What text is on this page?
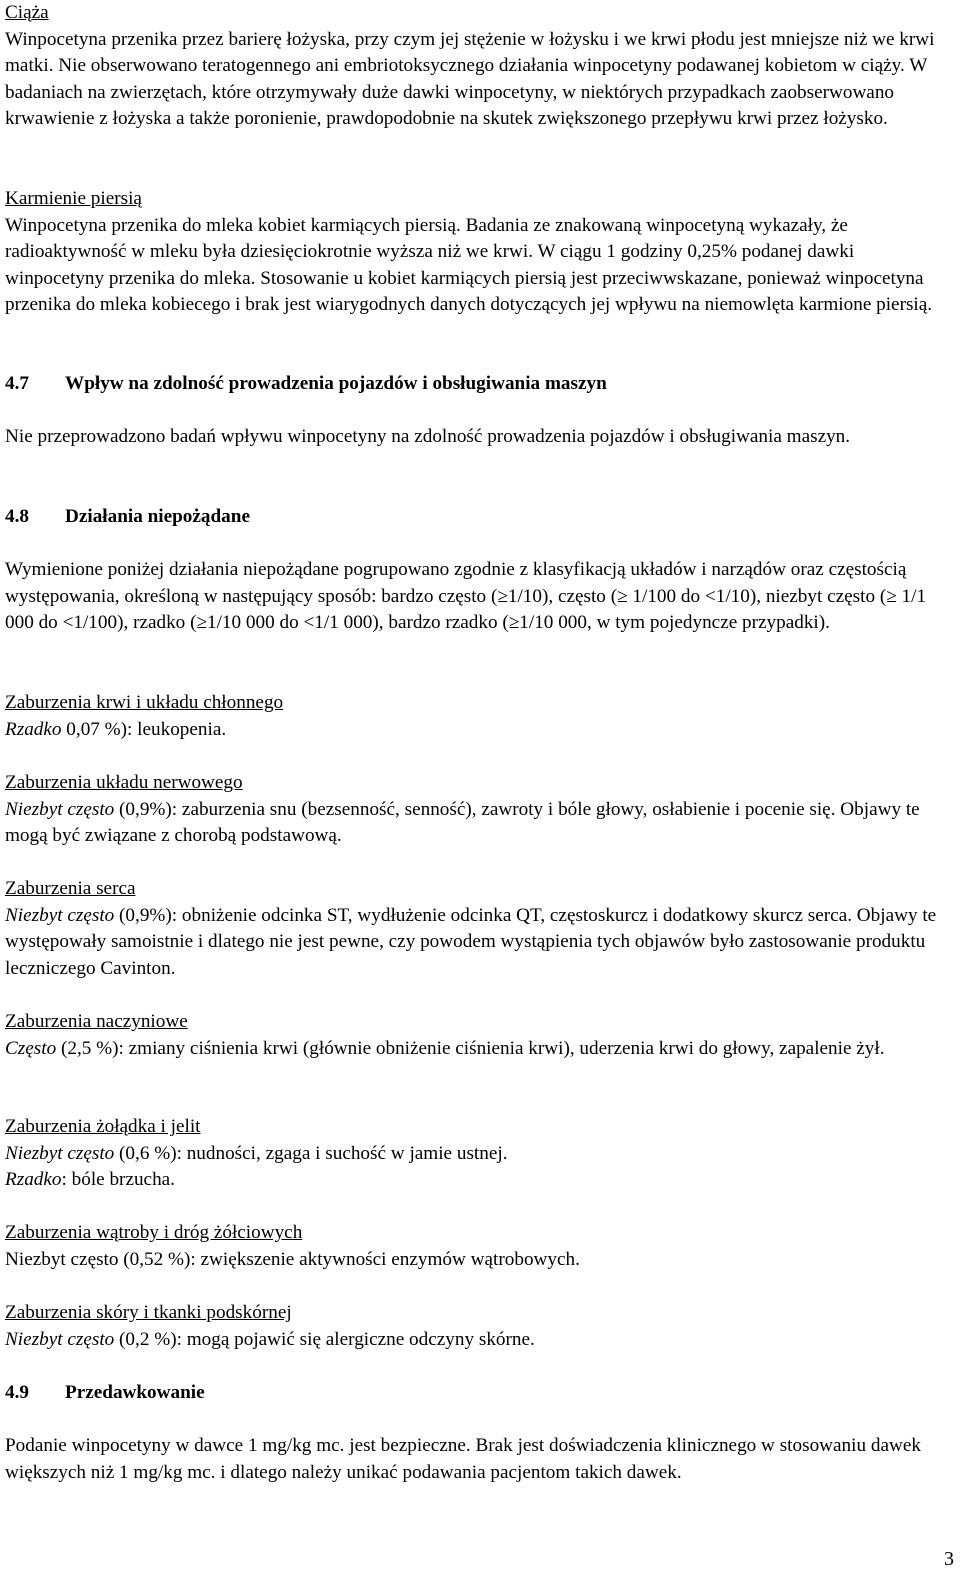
Ciąża
Winpocetyna przenika przez barierę łożyska, przy czym jej stężenie w łożysku i we krwi płodu jest mniejsze niż we krwi matki. Nie obserwowano teratogennego ani embriotoksycznego działania winpocetyny podawanej kobietom w ciąży. W badaniach na zwierzętach, które otrzymywały duże dawki winpocetyny, w niektórych przypadkach zaobserwowano krwawienie z łożyska a także poronienie, prawdopodobnie na skutek zwiększonego przepływu krwi przez łożysko.
Karmienie piersią
Winpocetyna przenika do mleka kobiet karmiących piersią. Badania ze znakowaną winpocetyną wykazały, że radioaktywność w mleku była dziesięciokrotnie wyższa niż we krwi. W ciągu 1 godziny 0,25% podanej dawki winpocetyny przenika do mleka. Stosowanie u kobiet karmiących piersią jest przeciwwskazane, ponieważ winpocetyna przenika do mleka kobiecego i brak jest wiarygodnych danych dotyczących jej wpływu na niemowlęta karmione piersią.
4.7 Wpływ na zdolność prowadzenia pojazdów i obsługiwania maszyn
Nie przeprowadzono badań wpływu winpocetyny na zdolność prowadzenia pojazdów i obsługiwania maszyn.
4.8 Działania niepożądane
Wymienione poniżej działania niepożądane pogrupowano zgodnie z klasyfikacją układów i narządów oraz częstością występowania, określoną w następujący sposób: bardzo często (≥1/10), często (≥ 1/100 do <1/10), niezbyt często (≥ 1/1 000 do <1/100), rzadko (≥1/10 000 do <1/1 000), bardzo rzadko (≥1/10 000, w tym pojedyncze przypadki).
Zaburzenia krwi i układu chłonnego
Rzadko 0,07 %): leukopenia.
Zaburzenia układu nerwowego
Niezbyt często (0,9%): zaburzenia snu (bezsenność, senność), zawroty i bóle głowy, osłabienie i pocenie się. Objawy te mogą być związane z chorobą podstawową.
Zaburzenia serca
Niezbyt często (0,9%): obniżenie odcinka ST, wydłużenie odcinka QT, częstoskurcz i dodatkowy skurcz serca. Objawy te występowały samoistnie i dlatego nie jest pewne, czy powodem wystąpienia tych objawów było zastosowanie produktu leczniczego Cavinton.
Zaburzenia naczyniowe
Często (2,5 %): zmiany ciśnienia krwi (głównie obniżenie ciśnienia krwi), uderzenia krwi do głowy, zapalenie żył.
Zaburzenia żołądka i jelit
Niezbyt często (0,6 %): nudności, zgaga i suchość w jamie ustnej.
Rzadko: bóle brzucha.
Zaburzenia wątroby i dróg żółciowych
Niezbyt często (0,52 %): zwiększenie aktywności enzymów wątrobowych.
Zaburzenia skóry i tkanki podskórnej
Niezbyt często (0,2 %): mogą pojawić się alergiczne odczyny skórne.
4.9 Przedawkowanie
Podanie winpocetyny w dawce 1 mg/kg mc. jest bezpieczne. Brak jest doświadczenia klinicznego w stosowaniu dawek większych niż 1 mg/kg mc. i dlatego należy unikać podawania pacjentom takich dawek.
3
